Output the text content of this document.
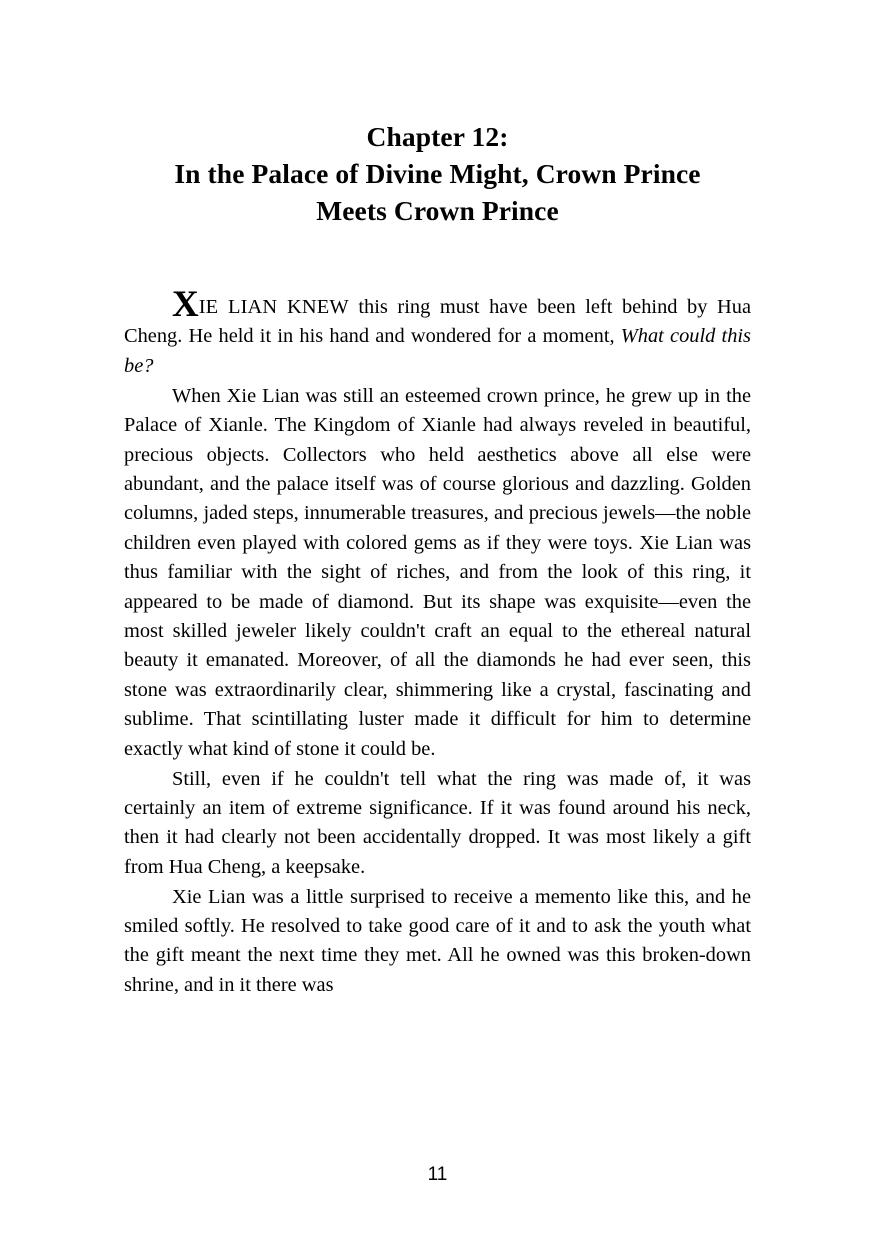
Chapter 12:
In the Palace of Divine Might, Crown Prince
Meets Crown Prince

XIE LIAN KNEW this ring must have been left behind by Hua Cheng. He held it in his hand and wondered for a moment, What could this be?

When Xie Lian was still an esteemed crown prince, he grew up in the Palace of Xianle. The Kingdom of Xianle had always reveled in beautiful, precious objects. Collectors who held aesthetics above all else were abundant, and the palace itself was of course glorious and dazzling. Golden columns, jaded steps, innumerable treasures, and precious jewels—the noble children even played with colored gems as if they were toys. Xie Lian was thus familiar with the sight of riches, and from the look of this ring, it appeared to be made of diamond. But its shape was exquisite—even the most skilled jeweler likely couldn't craft an equal to the ethereal natural beauty it emanated. Moreover, of all the diamonds he had ever seen, this stone was extraordinarily clear, shimmering like a crystal, fascinating and sublime. That scintillating luster made it difficult for him to determine exactly what kind of stone it could be.

Still, even if he couldn't tell what the ring was made of, it was certainly an item of extreme significance. If it was found around his neck, then it had clearly not been accidentally dropped. It was most likely a gift from Hua Cheng, a keepsake.

Xie Lian was a little surprised to receive a memento like this, and he smiled softly. He resolved to take good care of it and to ask the youth what the gift meant the next time they met. All he owned was this broken-down shrine, and in it there was

11
